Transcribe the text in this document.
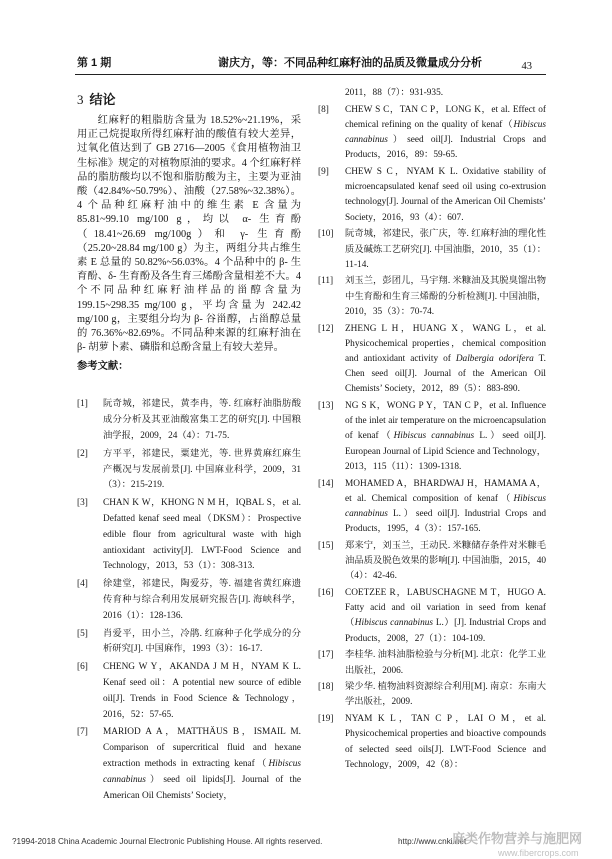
第 1 期	谢庆方，等：不同品种红麻籽油的品质及微量成分分析	43
3 结论
红麻籽的粗脂肪含量为 18.52%~21.19%，采用正己烷提取所得红麻籽油的酸值有较大差异，过氧化值达到了 GB 2716—2005《食用植物油卫生标准》规定的对植物原油的要求。4 个红麻籽样品的脂肪酸均以不饱和脂肪酸为主，主要为亚油酸（42.84%~50.79%）、油酸（27.58%~32.38%）。4 个品种红麻籽油中的维生素 E 含量为 85.81~99.10 mg/100 g，均以 α- 生育酚（18.41~26.69 mg/100g）和 γ- 生育酚（25.20~28.84 mg/100 g）为主，两组分共占维生素 E 总量的 50.82%~56.03%。4 个品种中的 β- 生育酚、δ- 生育酚及各生育三烯酚含量相差不大。4 个不同品种红麻籽油样品的甾醇含量为 199.15~298.35 mg/100 g，平均含量为 242.42 mg/100 g，主要组分均为 β- 谷甾醇，占甾醇总量的 76.36%~82.69%。不同品种来源的红麻籽油在 β- 胡萝卜素、磷脂和总酚含量上有较大差异。
参考文献：
[1]	阮奇城，祁建民，黄李冉，等. 红麻籽油脂肪酸成分分析及其亚油酸富集工艺的研究[J]. 中国粮油学报，2009，24（4）：71-75.
[2]	方平平，祁建民，粟建光，等. 世界黄麻红麻生产概况与发展前景[J]. 中国麻业科学，2009，31（3）：215-219.
[3]	CHAN K W，KHONG N M H，IQBAL S，et al. Defatted kenaf seed meal（DKSM）：Prospective edible flour from agricultural waste with high antioxidant activity[J]. LWT-Food Science and Technology，2013，53（1）：308-313.
[4]	徐建堂，祁建民，陶爱芬，等. 福建省黄红麻遗传育种与综合利用发展研究报告[J]. 海峡科学，2016（1）：128-136.
[5]	肖爱平，田小兰，冷鹃. 红麻种子化学成分的分析研究[J]. 中国麻作，1993（3）：16-17.
[6]	CHENG W Y，AKANDA J M H，NYAM K L. Kenaf seed oil：A potential new source of edible oil[J]. Trends in Food Science & Technology，2016，52：57-65.
[7]	MARIOD A A，MATTHÄUS B，ISMAIL M. Comparison of supercritical fluid and hexane extraction methods in extracting kenaf（Hibiscus cannabinus）seed oil lipids[J]. Journal of the American Oil Chemists’ Society，
2011，88（7）：931-935.
[8]	CHEW S C，TAN C P，LONG K，et al. Effect of chemical refining on the quality of kenaf（Hibiscus cannabinus）seed oil[J]. Industrial Crops and Products，2016，89：59-65.
[9]	CHEW S C，NYAM K L. Oxidative stability of microencapsulated kenaf seed oil using co-extrusion technology[J]. Journal of the American Oil Chemists’ Society，2016，93（4）：607.
[10]	阮奇城，祁建民，张广庆，等. 红麻籽油的理化性质及碱炼工艺研究[J]. 中国油脂，2010，35（1）：11-14.
[11]	刘玉兰，彭团儿，马宇翔. 米糠油及其脱臭馏出物中生育酚和生育三烯酚的分析检测[J]. 中国油脂，2010，35（3）：70-74.
[12]	ZHENG L H，HUANG X，WANG L，et al. Physicochemical properties，chemical composition and antioxidant activity of Dalbergia odorifera T. Chen seed oil[J]. Journal of the American Oil Chemists’ Society，2012，89（5）：883-890.
[13]	NG S K，WONG P Y，TAN C P，et al. Influence of the inlet air temperature on the microencapsulation of kenaf（Hibiscus cannabinus L.）seed oil[J]. European Journal of Lipid Science and Technology，2013，115（11）：1309-1318.
[14]	MOHAMED A，BHARDWAJ H，HAMAMA A，et al. Chemical composition of kenaf（Hibiscus cannabinus L.）seed oil[J]. Industrial Crops and Products，1995，4（3）：157-165.
[15]	郑来宁，刘玉兰，王动民. 米糠储存条件对米糠毛油品质及脱色效果的影响[J]. 中国油脂，2015，40（4）：42-46.
[16]	COETZEE R，LABUSCHAGNE M T，HUGO A. Fatty acid and oil variation in seed from kenaf（Hibiscus cannabinus L.）[J]. Industrial Crops and Products，2008，27（1）：104-109.
[17]	李桂华. 油料油脂检验与分析[M]. 北京：化学工业出版社，2006.
[18]	梁少华. 植物油料资源综合利用[M]. 南京：东南大学出版社，2009.
[19]	NYAM K L，TAN C P，LAI O M，et al. Physicochemical properties and bioactive compounds of selected seed oils[J]. LWT-Food Science and Technology，2009，42（8）：
?1994-2018 China Academic Journal Electronic Publishing House. All rights reserved.	http://www.cnki.net
麻类作物营养与施肥网
www.fibercrops.com
